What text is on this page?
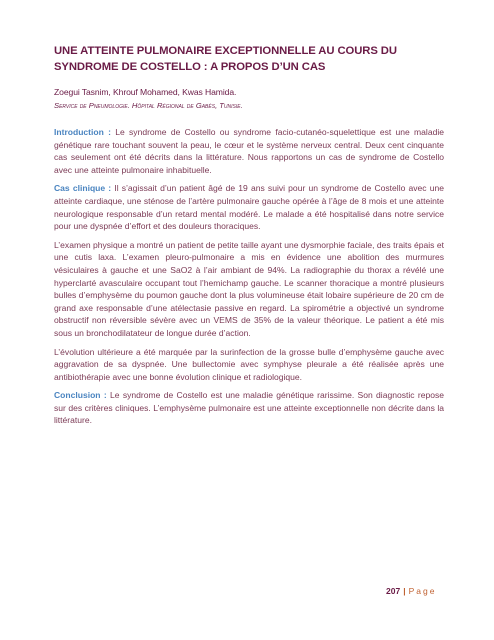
UNE ATTEINTE PULMONAIRE EXCEPTIONNELLE AU COURS DU SYNDROME DE COSTELLO : A PROPOS D’UN CAS
Zoegui Tasnim, Khrouf Mohamed, Kwas Hamida.
Service de Pneumologie. Hôpital Régional de Gabès, Tunisie.

Introduction : Le syndrome de Costello ou syndrome facio-cutanéo-squelettique est une maladie génétique rare touchant souvent la peau, le cœur et le système nerveux central. Deux cent cinquante cas seulement ont été décrits dans la littérature. Nous rapportons un cas de syndrome de Costello avec une atteinte pulmonaire inhabituelle.

Cas clinique : Il s’agissait d’un patient âgé de 19 ans suivi pour un syndrome de Costello avec une atteinte cardiaque, une sténose de l’artère pulmonaire gauche opérée à l’âge de 8 mois et une atteinte neurologique responsable d’un retard mental modéré. Le malade a été hospitalisé dans notre service pour une dyspnée d’effort et des douleurs thoraciques.

L’examen physique a montré un patient de petite taille ayant une dysmorphie faciale, des traits épais et une cutis laxa. L’examen pleuro-pulmonaire a mis en évidence une abolition des murmures vésiculaires à gauche et une SaO2 à l’air ambiant de 94%. La radiographie du thorax a révélé une hyperclarté avasculaire occupant tout l’hemichamp gauche. Le scanner thoracique a montré plusieurs bulles d’emphysème du poumon gauche dont la plus volumineuse était lobaire supérieure de 20 cm de grand axe responsable d’une atélectasie passive en regard. La spirométrie a objectivé un syndrome obstructif non réversible sévère avec un VEMS de 35% de la valeur théorique. Le patient a été mis sous un bronchodilatateur de longue durée d’action.

L’évolution ultérieure a été marquée par la surinfection de la grosse bulle d’emphysème gauche avec aggravation de sa dyspnée. Une bullectomie avec symphyse pleurale a été réalisée après une antibiothérapie avec une bonne évolution clinique et radiologique.

Conclusion : Le syndrome de Costello est une maladie génétique rarissime. Son diagnostic repose sur des critères cliniques. L’emphysème pulmonaire est une atteinte exceptionnelle non décrite dans la littérature.

207 | Page
